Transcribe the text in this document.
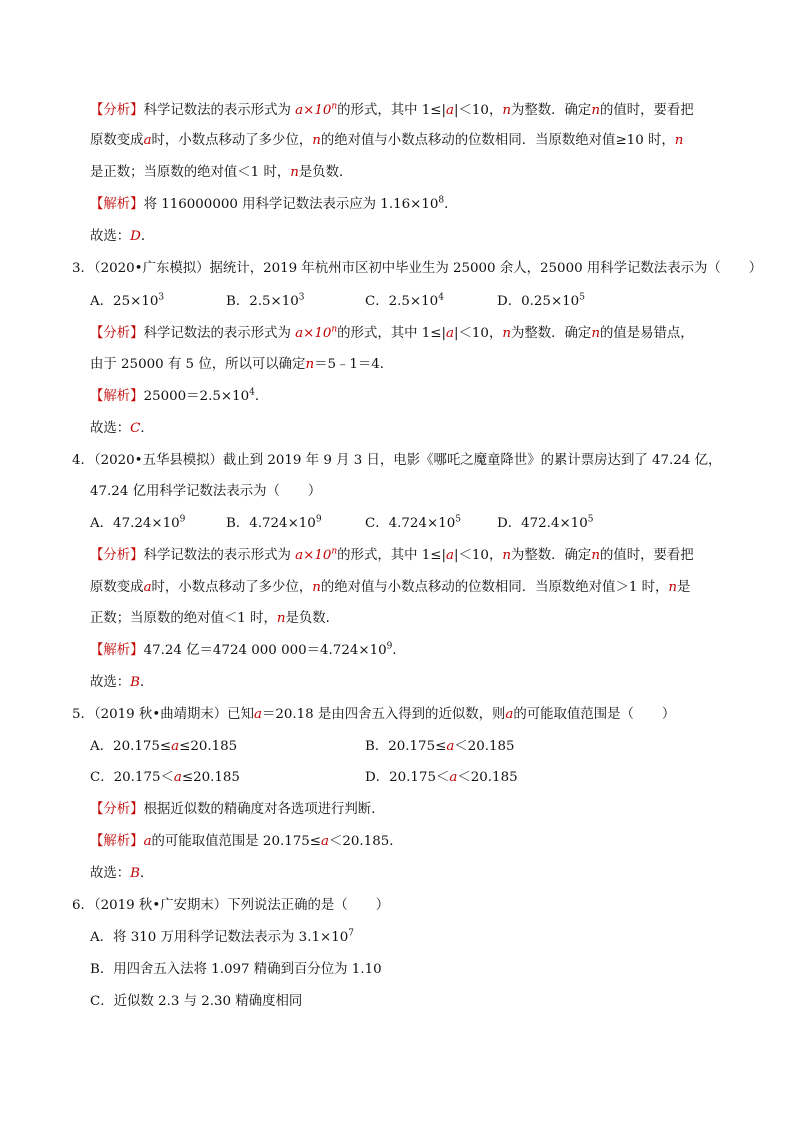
【分析】科学记数法的表示形式为 $a\times 10^n$的形式，其中 1≤|a|＜10，n为整数．确定n的值时，要看把
原数变成a时，小数点移动了多少位，n的绝对值与小数点移动的位数相同．当原数绝对值≥10 时，n
是正数；当原数的绝对值＜1 时，n是负数．
【解析】将 116000000 用科学记数法表示应为 $1.16\times 10^8$．
故选：D．
3．（2020•广东模拟）据统计，2019 年杭州市区初中毕业生为 25000 余人，25000 用科学记数法表示为（ ）
A．$25\times 10^3$	B．$2.5\times 10^3$	C．$2.5\times 10^4$	D．$0.25\times 10^5$
【分析】科学记数法的表示形式为 $a\times 10^n$的形式，其中 1≤|a|＜10，n为整数．确定n的值是易错点，
由于 25000 有 5 位，所以可以确定n＝5﹣1＝4．
【解析】$25000=2.5\times 10^4$．
故选：C．
4．（2020•五华县模拟）截止到 2019 年 9 月 3 日，电影《哪吒之魔童降世》的累计票房达到了 47.24 亿，
47.24 亿用科学记数法表示为（ ）
A．$47.24\times 10^9$	B．$4.724\times 10^9$	C．$4.724\times 10^5$	D．$472.4\times 10^5$
【分析】科学记数法的表示形式为 $a\times 10^n$的形式，其中 1≤|a|＜10，n为整数．确定n的值时，要看把
原数变成a时，小数点移动了多少位，n的绝对值与小数点移动的位数相同．当原数绝对值＞1 时，n是
正数；当原数的绝对值＜1 时，n是负数．
【解析】47.24 亿＝4724 000 $000=4.724\times 10^9$．
故选：B．
5．（2019 秋•曲靖期末）已知a＝20.18 是由四舍五入得到的近似数，则a的可能取值范围是（ ）
A．20.175≤a≤20.185	B．20.175≤a＜20.185
C．20.175＜a≤20.185	D．20.175＜a＜20.185
【分析】根据近似数的精确度对各选项进行判断．
【解析】a的可能取值范围是 20.175≤a＜20.185．
故选：B．
6．（2019 秋•广安期末）下列说法正确的是（ ）
A．将 310 万用科学记数法表示为 $3.1\times 10^7$
B．用四舍五入法将 1.097 精确到百分位为 1.10
C．近似数 2.3 与 2.30 精确度相同
